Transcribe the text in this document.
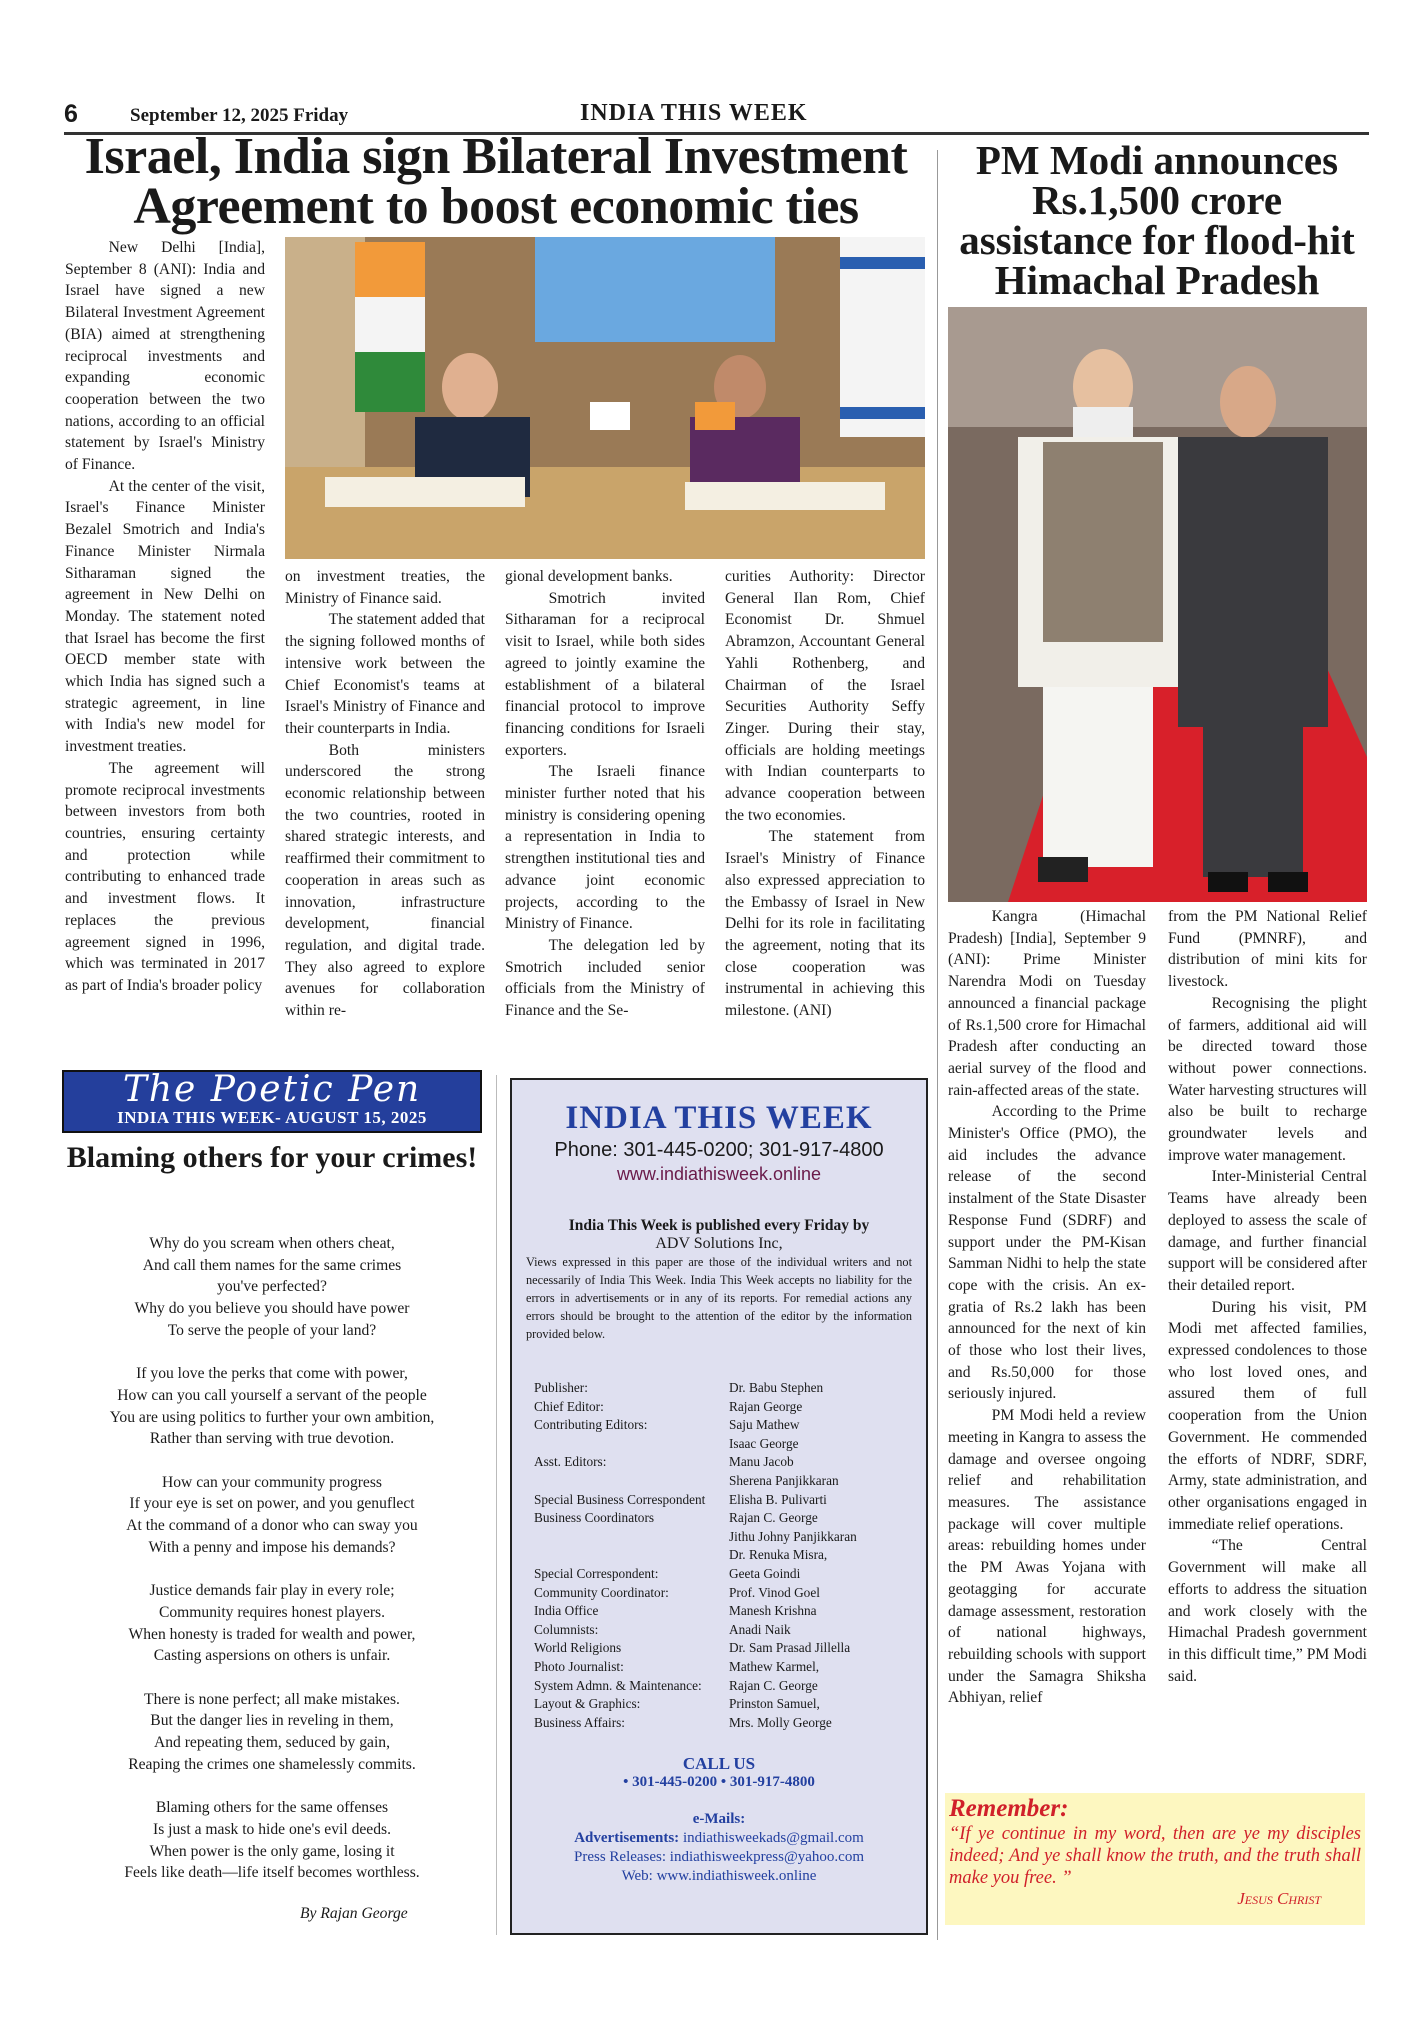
6	September 12, 2025 Friday	INDIA THIS WEEK
Israel, India sign Bilateral Investment Agreement to boost economic ties

New Delhi [India], September 8 (ANI): India and Israel have signed a new Bilateral Investment Agreement (BIA) aimed at strengthening reciprocal investments and expanding economic cooperation between the two nations, according to an official statement by Israel's Ministry of Finance.

At the center of the visit, Israel's Finance Minister Bezalel Smotrich and India's Finance Minister Nirmala Sitharaman signed the agreement in New Delhi on Monday. The statement noted that Israel has become the first OECD member state with which India has signed such a strategic agreement, in line with India's new model for investment treaties.

The agreement will promote reciprocal investments between investors from both countries, ensuring certainty and protection while contributing to enhanced trade and investment flows. It replaces the previous agreement signed in 1996, which was terminated in 2017 as part of India's broader policy

on investment treaties, the Ministry of Finance said.

The statement added that the signing followed months of intensive work between the Chief Economist's teams at Israel's Ministry of Finance and their counterparts in India.

Both ministers underscored the strong economic relationship between the two countries, rooted in shared strategic interests, and reaffirmed their commitment to cooperation in areas such as innovation, infrastructure development, financial regulation, and digital trade. They also agreed to explore avenues for collaboration within re-

gional development banks.

Smotrich invited Sitharaman for a reciprocal visit to Israel, while both sides agreed to jointly examine the establishment of a bilateral financial protocol to improve financing conditions for Israeli exporters.

The Israeli finance minister further noted that his ministry is considering opening a representation in India to strengthen institutional ties and advance joint economic projects, according to the Ministry of Finance.

The delegation led by Smotrich included senior officials from the Ministry of Finance and the Se-

curities Authority: Director General Ilan Rom, Chief Economist Dr. Shmuel Abramzon, Accountant General Yahli Rothenberg, and Chairman of the Israel Securities Authority Seffy Zinger. During their stay, officials are holding meetings with Indian counterparts to advance cooperation between the two economies.

The statement from Israel's Ministry of Finance also expressed appreciation to the Embassy of Israel in New Delhi for its role in facilitating the agreement, noting that its close cooperation was instrumental in achieving this milestone. (ANI)

PM Modi announces Rs.1,500 crore assistance for flood-hit Himachal Pradesh

Kangra (Himachal Pradesh) [India], September 9 (ANI): Prime Minister Narendra Modi on Tuesday announced a financial package of Rs.1,500 crore for Himachal Pradesh after conducting an aerial survey of the flood and rain-affected areas of the state.

According to the Prime Minister's Office (PMO), the aid includes the advance release of the second instalment of the State Disaster Response Fund (SDRF) and support under the PM-Kisan Samman Nidhi to help the state cope with the crisis. An ex-gratia of Rs.2 lakh has been announced for the next of kin of those who lost their lives, and Rs.50,000 for those seriously injured.

PM Modi held a review meeting in Kangra to assess the damage and oversee ongoing relief and rehabilitation measures. The assistance package will cover multiple areas: rebuilding homes under the PM Awas Yojana with geotagging for accurate damage assessment, restoration of national highways, rebuilding schools with support under the Samagra Shiksha Abhiyan, relief

from the PM National Relief Fund (PMNRF), and distribution of mini kits for livestock.

Recognising the plight of farmers, additional aid will be directed toward those without power connections. Water harvesting structures will also be built to recharge groundwater levels and improve water management.

Inter-Ministerial Central Teams have already been deployed to assess the scale of damage, and further financial support will be considered after their detailed report.

During his visit, PM Modi met affected families, expressed condolences to those who lost loved ones, and assured them of full cooperation from the Union Government. He commended the efforts of NDRF, SDRF, Army, state administration, and other organisations engaged in immediate relief operations.

“The Central Government will make all efforts to address the situation and work closely with the Himachal Pradesh government in this difficult time,” PM Modi said.

The Poetic Pen
INDIA THIS WEEK- AUGUST 15, 2025
Blaming others for your crimes!
Why do you scream when others cheat,
And call them names for the same crimes
you've perfected?
Why do you believe you should have power
To serve the people of your land?
If you love the perks that come with power,
How can you call yourself a servant of the people
You are using politics to further your own ambition,
Rather than serving with true devotion.
How can your community progress
If your eye is set on power, and you genuflect
At the command of a donor who can sway you
With a penny and impose his demands?
Justice demands fair play in every role;
Community requires honest players.
When honesty is traded for wealth and power,
Casting aspersions on others is unfair.
There is none perfect; all make mistakes.
But the danger lies in reveling in them,
And repeating them, seduced by gain,
Reaping the crimes one shamelessly commits.
Blaming others for the same offenses
Is just a mask to hide one's evil deeds.
When power is the only game, losing it
Feels like death—life itself becomes worthless.
By Rajan George
INDIA THIS WEEK
Phone: 301-445-0200; 301-917-4800
www.indiathisweek.online
India This Week is published every Friday by
ADV Solutions Inc,
Views expressed in this paper are those of the individual writers and not necessarily of India This Week. India This Week accepts no liability for the errors in advertisements or in any of its reports. For remedial actions any errors should be brought to the attention of the editor by the information provided below.
Publisher:	Dr. Babu Stephen
Chief Editor:	Rajan George
Contributing Editors:	Saju Mathew
Isaac George
Asst. Editors:	Manu Jacob
Sherena Panjikkaran
Special Business Correspondent	Elisha B. Pulivarti
Business Coordinators	Rajan C. George
Jithu Johny Panjikkaran
Dr. Renuka Misra,
Special Correspondent:	Geeta Goindi
Community Coordinator:	Prof. Vinod Goel
India Office	Manesh Krishna
Columnists:	Anadi Naik
World Religions	Dr. Sam Prasad Jillella
Photo Journalist:	Mathew Karmel,
System Admn. & Maintenance:	Rajan C. George
Layout & Graphics:	Prinston Samuel,
Business Affairs:	Mrs. Molly George
CALL US
• 301-445-0200 • 301-917-4800
e-Mails:
Advertisements: indiathisweekads@gmail.com
Press Releases: indiathisweekpress@yahoo.com
Web: www.indiathisweek.online
Remember:
“If ye continue in my word, then are ye my disciples indeed; And ye shall know the truth, and the truth shall make you free. ”
Jesus Christ
